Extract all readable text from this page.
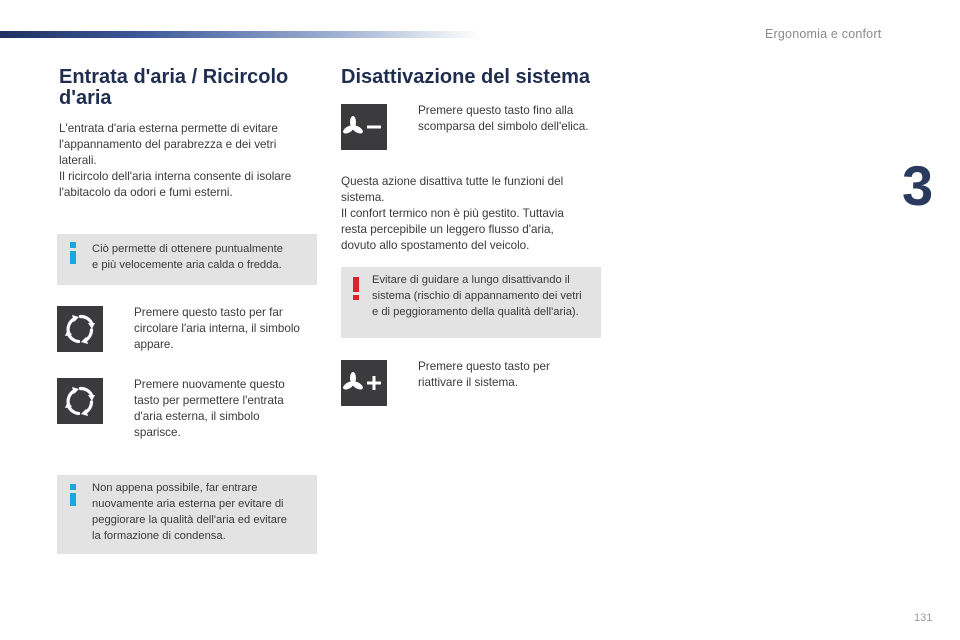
Ergonomia e confort
3
Entrata d'aria / Ricircolo d'aria

L'entrata d'aria esterna permette di evitare

l'appannamento del parabrezza e dei vetri

laterali.

Il ricircolo dell'aria interna consente di isolare

l'abitacolo da odori e fumi esterni.

Ciò permette di ottenere puntualmente
e più velocemente aria calda o fredda.
Premere questo tasto per far
circolare l'aria interna, il simbolo
appare.
Premere nuovamente questo
tasto per permettere l'entrata
d'aria esterna, il simbolo
sparisce.
Non appena possibile, far entrare
nuovamente aria esterna per evitare di
peggiorare la qualità dell'aria ed evitare
la formazione di condensa.
Disattivazione del sistema
Premere questo tasto fino alla
scomparsa del simbolo dell'elica.

Questa azione disattiva tutte le funzioni del

sistema.

Il confort termico non è più gestito. Tuttavia

resta percepibile un leggero flusso d'aria,

dovuto allo spostamento del veicolo.

Evitare di guidare a lungo disattivando il
sistema (rischio di appannamento dei vetri
e di peggioramento della qualità dell'aria).
Premere questo tasto per
riattivare il sistema.
131
